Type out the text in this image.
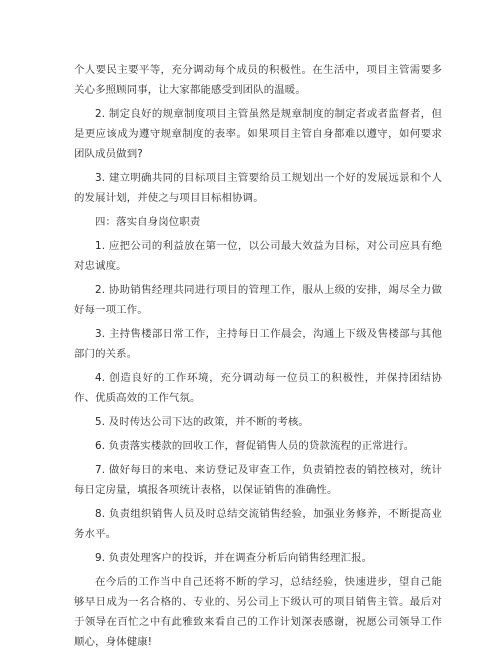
个人要民主要平等，充分调动每个成员的积极性。在生活中，项目主管需要多关心多照顾同事，让大家都能感受到团队的温暖。

2. 制定良好的规章制度项目主管虽然是规章制度的制定者或者监督者，但是更应该成为遵守规章制度的表率。如果项目主管自身都难以遵守，如何要求团队成员做到?

3. 建立明确共同的目标项目主管要给员工规划出一个好的发展远景和个人的发展计划，并使之与项目目标相协调。

四：落实自身岗位职责

1. 应把公司的利益放在第一位，以公司最大效益为目标，对公司应具有绝对忠诚度。

2. 协助销售经理共同进行项目的管理工作，服从上级的安排，竭尽全力做好每一项工作。

3. 主持售楼部日常工作，主持每日工作晨会，沟通上下级及售楼部与其他部门的关系。

4. 创造良好的工作环境，充分调动每一位员工的积极性，并保持团结协作、优质高效的工作气氛。

5. 及时传达公司下达的政策，并不断的考核。

6. 负责落实楼款的回收工作，督促销售人员的贷款流程的正常进行。

7. 做好每日的来电、来访登记及审查工作，负责销控表的销控核对，统计每日定房量，填报各项统计表格，以保证销售的准确性。

8. 负责组织销售人员及时总结交流销售经验，加强业务修养，不断提高业务水平。

9. 负责处理客户的投诉，并在调查分析后向销售经理汇报。

在今后的工作当中自己还将不断的学习，总结经验，快速进步，望自己能够早日成为一名合格的、专业的、另公司上下级认可的项目销售主管。最后对于领导在百忙之中有此雅致来看自己的工作计划深表感谢，祝愿公司领导工作顺心，身体健康!
